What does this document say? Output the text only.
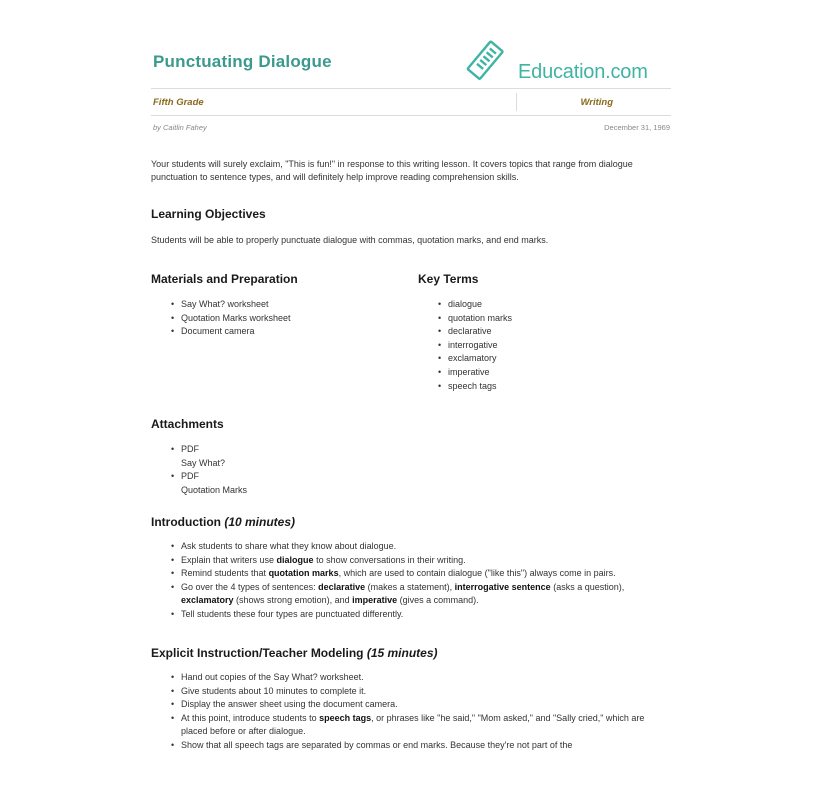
Punctuating Dialogue	Education.com
Fifth Grade	Writing
by Caitlin Fahey	December 31, 1969
Your students will surely exclaim, "This is fun!" in response to this writing lesson. It covers topics that range from dialogue punctuation to sentence types, and will definitely help improve reading comprehension skills.
Learning Objectives
Students will be able to properly punctuate dialogue with commas, quotation marks, and end marks.
Materials and Preparation
• Say What? worksheet
• Quotation Marks worksheet
• Document camera
Key Terms
• dialogue
• quotation marks
• declarative
• interrogative
• exclamatory
• imperative
• speech tags
Attachments
• PDF
Say What?
• PDF
Quotation Marks
Introduction (10 minutes)
• Ask students to share what they know about dialogue.
• Explain that writers use dialogue to show conversations in their writing.
• Remind students that quotation marks, which are used to contain dialogue ("like this") always come in pairs.
• Go over the 4 types of sentences: declarative (makes a statement), interrogative sentence (asks a question), exclamatory (shows strong emotion), and imperative (gives a command).
• Tell students these four types are punctuated differently.
Explicit Instruction/Teacher Modeling (15 minutes)
• Hand out copies of the Say What? worksheet.
• Give students about 10 minutes to complete it.
• Display the answer sheet using the document camera.
• At this point, introduce students to speech tags, or phrases like "he said," "Mom asked," and "Sally cried," which are placed before or after dialogue.
• Show that all speech tags are separated by commas or end marks. Because they're not part of the
